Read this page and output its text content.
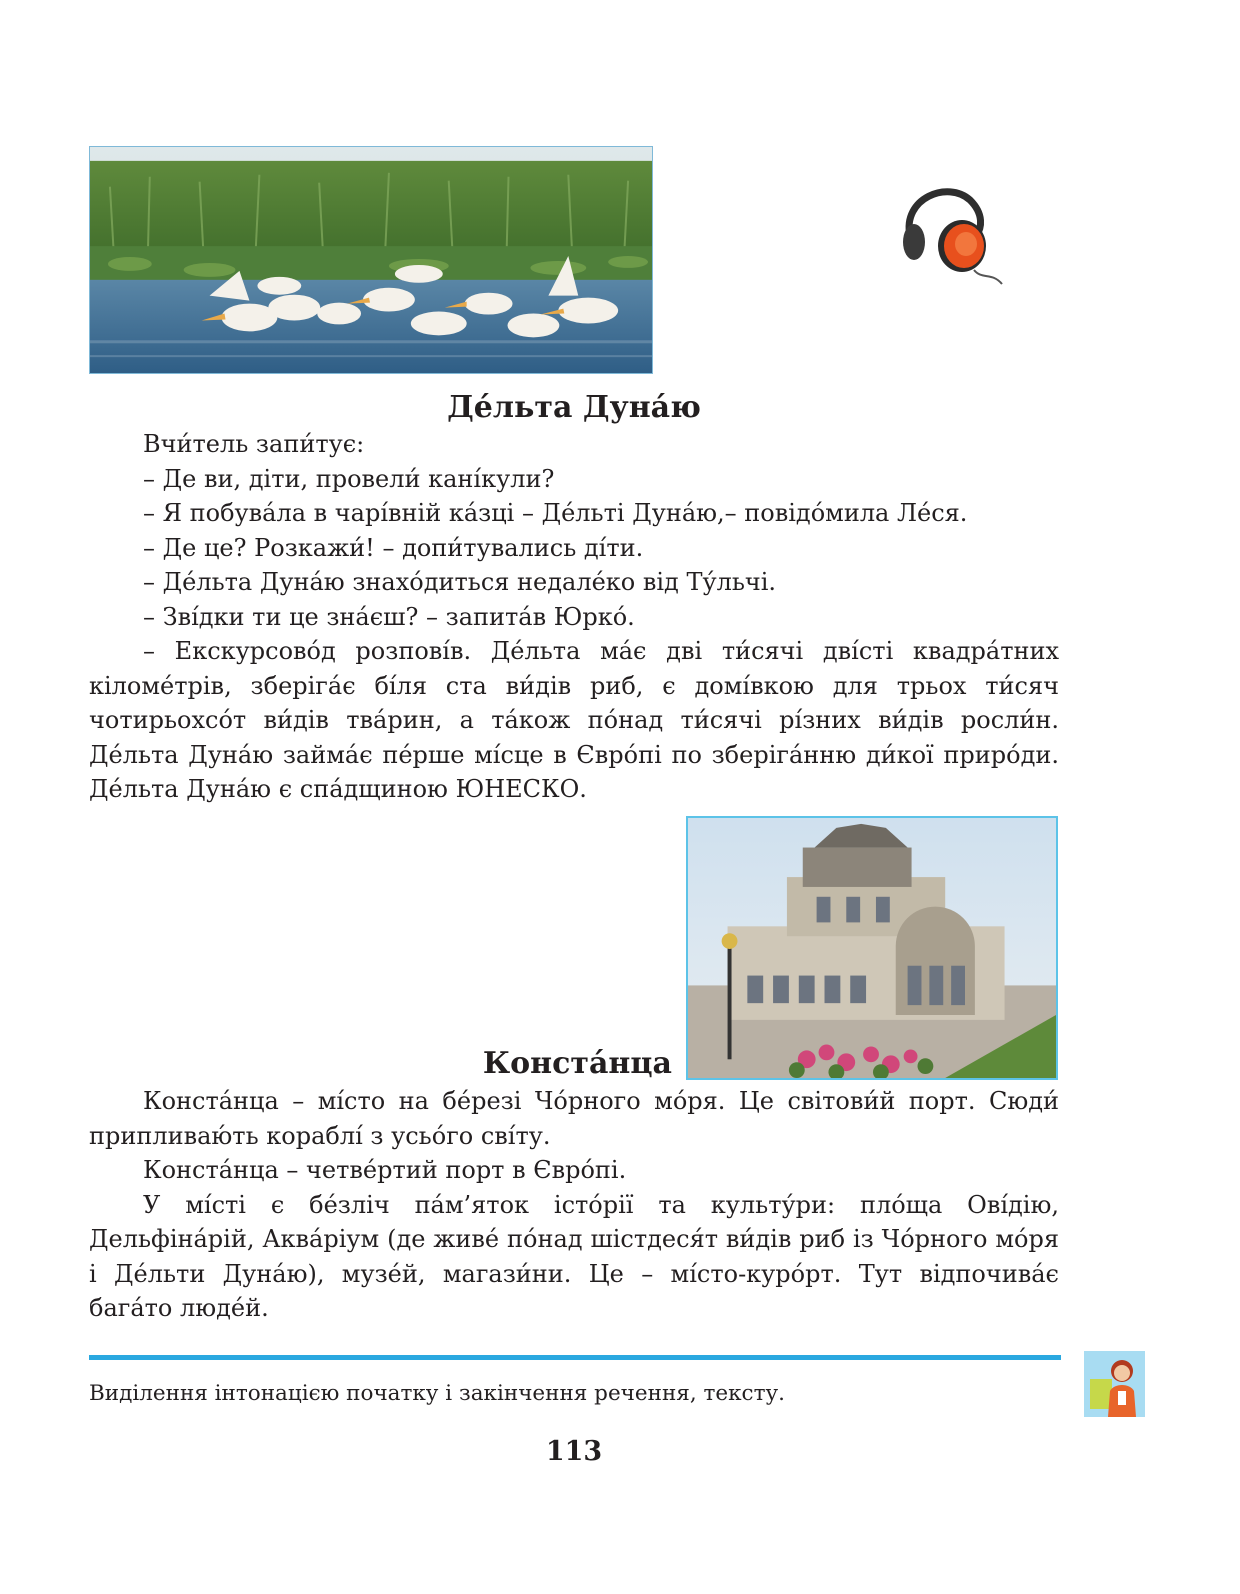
Де́льта Дуна́ю

Вчи́тель запи́тує:

– Де ви, діти, провели́ кані́кули?

– Я побува́ла в чарі́вній ка́зці – Де́льті Дуна́ю,– повідо́мила Ле́ся.

– Де це? Розкажи́! – допи́тувались ді́ти.

– Де́льта Дуна́ю знахо́диться недале́ко від Ту́льчі.

– Зві́дки ти це зна́єш? – запита́в Юрко́.

– Екскурсово́д розпові́в. Де́льта ма́є дві ти́сячі дві́сті квадра́тних кіломе́трів, зберіга́є бі́ля ста ви́дів риб, є домі́вкою для трьох ти́сяч чотирьохсо́т ви́дів тва́рин, а та́кож по́над ти́сячі рі́зних ви́дів росли́н. Де́льта Дуна́ю займа́є пе́рше мі́сце в Євро́пі по зберіга́нню ди́кої приро́ди. Де́льта Дуна́ю є спа́дщиною ЮНЕСКО.

Конста́нца

Конста́нца – мі́сто на бе́резі Чо́рного мо́ря. Це світови́й порт. Сюди́ припливаю́ть кораблі́ з усьо́го сві́ту.

Конста́нца – четве́ртий порт в Євро́пі.

У мі́сті є бе́зліч па́м’яток істо́рії та культу́ри: пло́ща Ові́дію, Дельфіна́рій, Аква́ріум (де живе́ по́над шістдеся́т ви́дів риб із Чо́рного мо́ря і Де́льти Дуна́ю), музе́й, магази́ни. Це – мі́сто-куро́рт. Тут відпочива́є бага́то люде́й.

Виділення інтонацією початку і закінчення речення, тексту.

113
